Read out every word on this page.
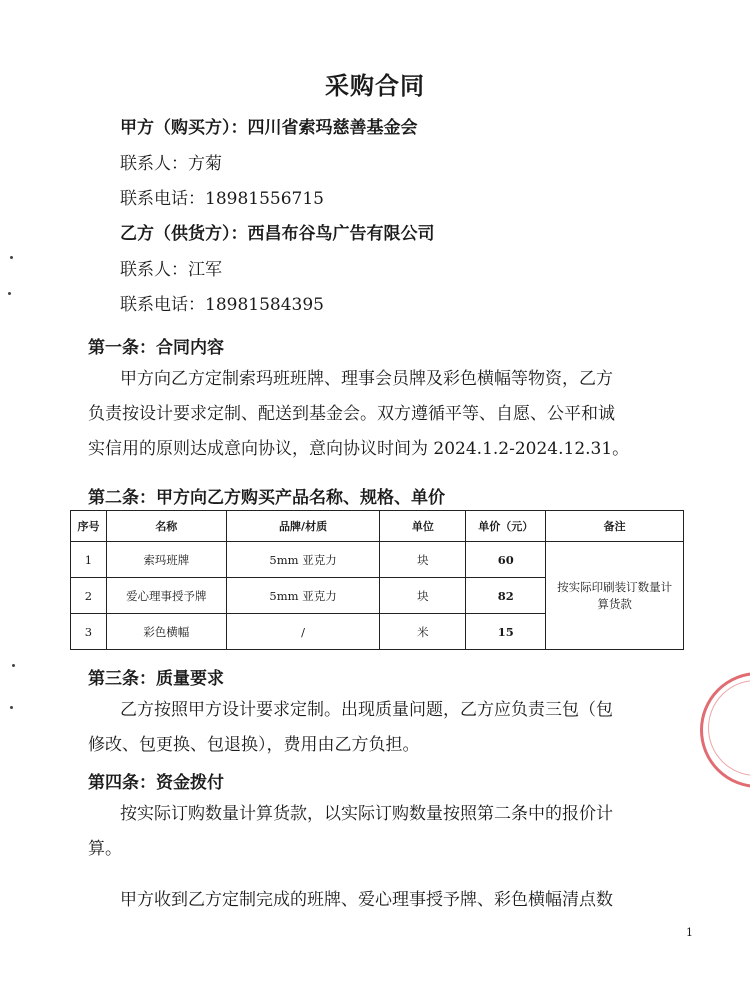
采购合同
甲方（购买方）：四川省索玛慈善基金会
联系人：方菊
联系电话：18981556715
乙方（供货方）：西昌布谷鸟广告有限公司
联系人：江军
联系电话：18981584395
第一条：合同内容

甲方向乙方定制索玛班班牌、理事会员牌及彩色横幅等物资，乙方

负责按设计要求定制、配送到基金会。双方遵循平等、自愿、公平和诚

实信用的原则达成意向协议，意向协议时间为 2024.1.2-2024.12.31。

第二条：甲方向乙方购买产品名称、规格、单价
序号	名称	品牌/材质	单位	单价（元）	备注
1	索玛班牌	5mm 亚克力	块	60	按实际印刷装订数量计算货款
2	爱心理事授予牌	5mm 亚克力	块	82	
3	彩色横幅	/	米	15	
第三条：质量要求

乙方按照甲方设计要求定制。出现质量问题，乙方应负责三包（包

修改、包更换、包退换），费用由乙方负担。

第四条：资金拨付

按实际订购数量计算货款，以实际订购数量按照第二条中的报价计

算。

甲方收到乙方定制完成的班牌、爱心理事授予牌、彩色横幅清点数

1
